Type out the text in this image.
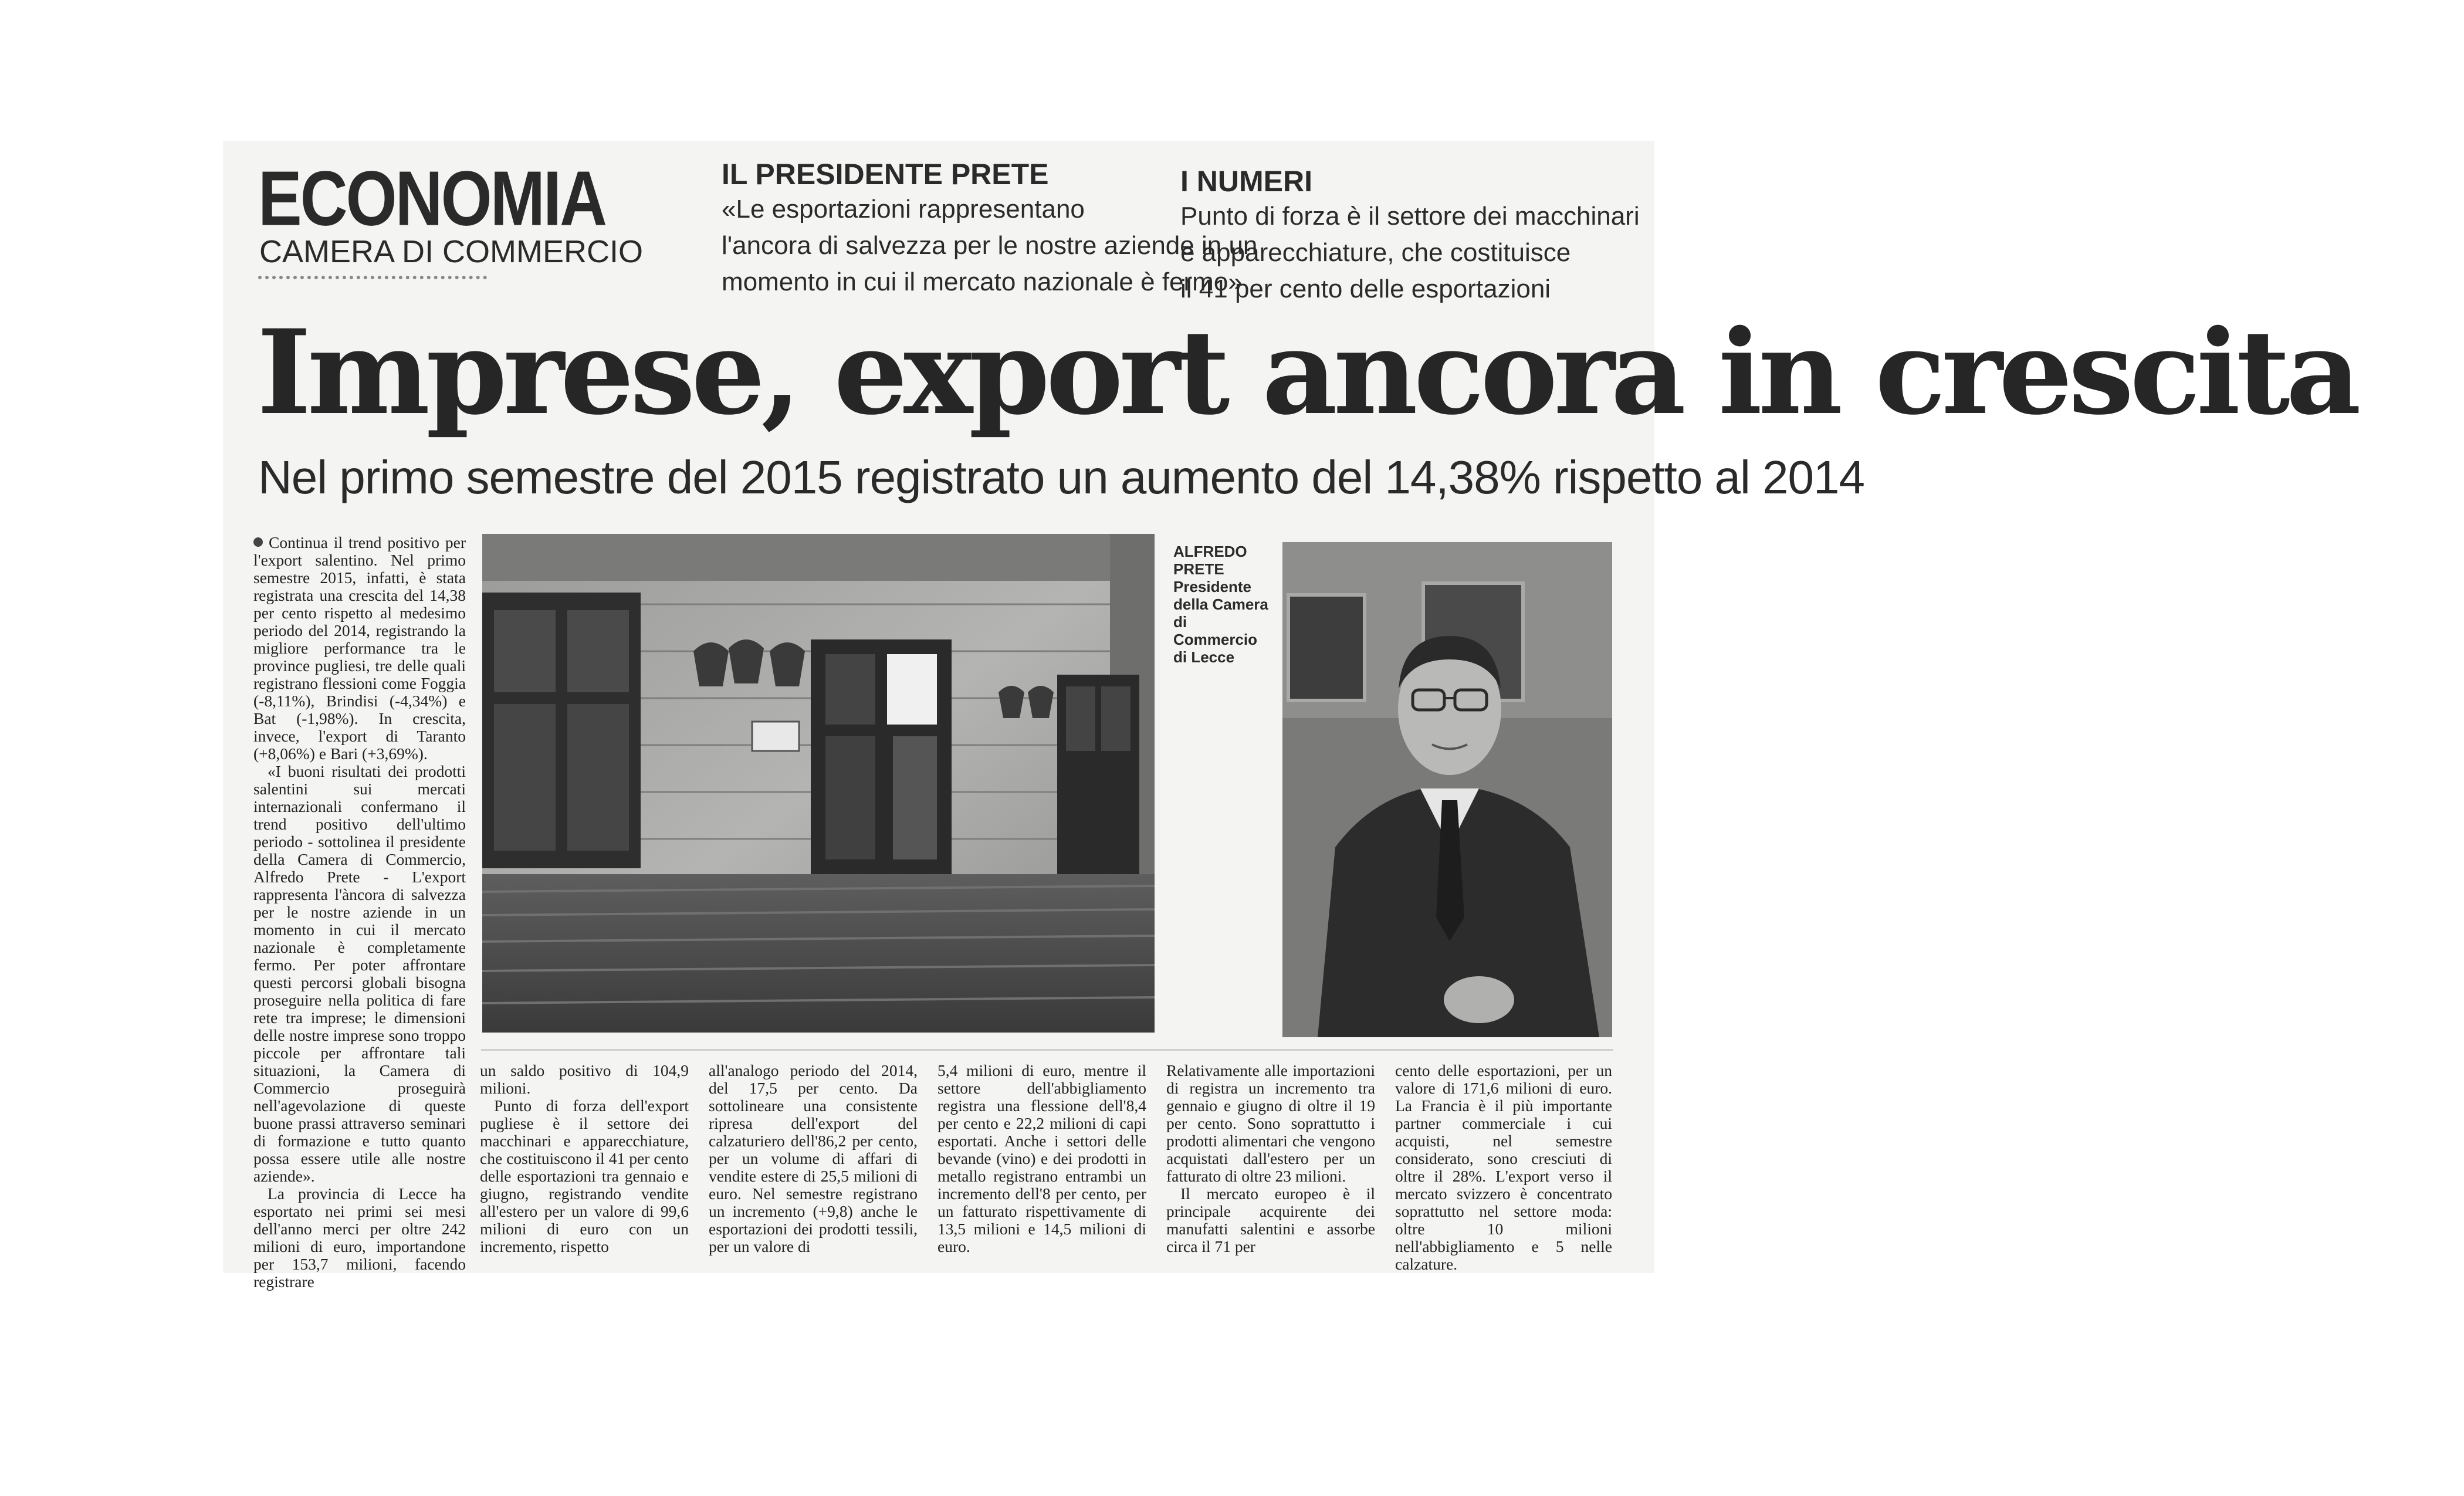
ECONOMIA
CAMERA DI COMMERCIO
IL PRESIDENTE PRETE
«Le esportazioni rappresentano
l'ancora di salvezza per le nostre aziende in un
momento in cui il mercato nazionale è fermo»
I NUMERI
Punto di forza è il settore dei macchinari
e apparecchiature, che costituisce
il 41 per cento delle esportazioni
Imprese, export ancora in crescita
Nel primo semestre del 2015 registrato un aumento del 14,38% rispetto al 2014
ALFREDO PRETE
Presidente della Camera di Commercio di Lecce

Continua il trend positivo per l'export salentino. Nel primo semestre 2015, infatti, è stata registrata una crescita del 14,38 per cento rispetto al medesimo periodo del 2014, registrando la migliore performance tra le province pugliesi, tre delle quali registrano flessioni come Foggia (-8,11%), Brindisi (-4,34%) e Bat (-1,98%). In crescita, invece, l'export di Taranto (+8,06%) e Bari (+3,69%).

«I buoni risultati dei prodotti salentini sui mercati internazionali confermano il trend positivo dell'ultimo periodo - sottolinea il presidente della Camera di Commercio, Alfredo Prete - L'export rappresenta l'àncora di salvezza per le nostre aziende in un momento in cui il mercato nazionale è completamente fermo. Per poter affrontare questi percorsi globali bisogna proseguire nella politica di fare rete tra imprese; le dimensioni delle nostre imprese sono troppo piccole per affrontare tali situazioni, la Camera di Commercio proseguirà nell'agevolazione di queste buone prassi attraverso seminari di formazione e tutto quanto possa essere utile alle nostre aziende».

La provincia di Lecce ha esportato nei primi sei mesi dell'anno merci per oltre 242 milioni di euro, importandone per 153,7 milioni, facendo registrare

un saldo positivo di 104,9 milioni.

Punto di forza dell'export pugliese è il settore dei macchinari e apparecchiature, che costituiscono il 41 per cento delle esportazioni tra gennaio e giugno, registrando vendite all'estero per un valore di 99,6 milioni di euro con un incremento, rispetto

all'analogo periodo del 2014, del 17,5 per cento. Da sottolineare una consistente ripresa dell'export del calzaturiero dell'86,2 per cento, per un volume di affari di vendite estere di 25,5 milioni di euro. Nel semestre registrano un incremento (+9,8) anche le esportazioni dei prodotti tessili, per un valore di

5,4 milioni di euro, mentre il settore dell'abbigliamento registra una flessione dell'8,4 per cento e 22,2 milioni di capi esportati. Anche i settori delle bevande (vino) e dei prodotti in metallo registrano entrambi un incremento dell'8 per cento, per un fatturato rispettivamente di 13,5 milioni e 14,5 milioni di euro.

Relativamente alle importazioni di registra un incremento tra gennaio e giugno di oltre il 19 per cento. Sono soprattutto i prodotti alimentari che vengono acquistati dall'estero per un fatturato di oltre 23 milioni.

Il mercato europeo è il principale acquirente dei manufatti salentini e assorbe circa il 71 per

cento delle esportazioni, per un valore di 171,6 milioni di euro. La Francia è il più importante partner commerciale i cui acquisti, nel semestre considerato, sono cresciuti di oltre il 28%. L'export verso il mercato svizzero è concentrato soprattutto nel settore moda: oltre 10 milioni nell'abbigliamento e 5 nelle calzature.
